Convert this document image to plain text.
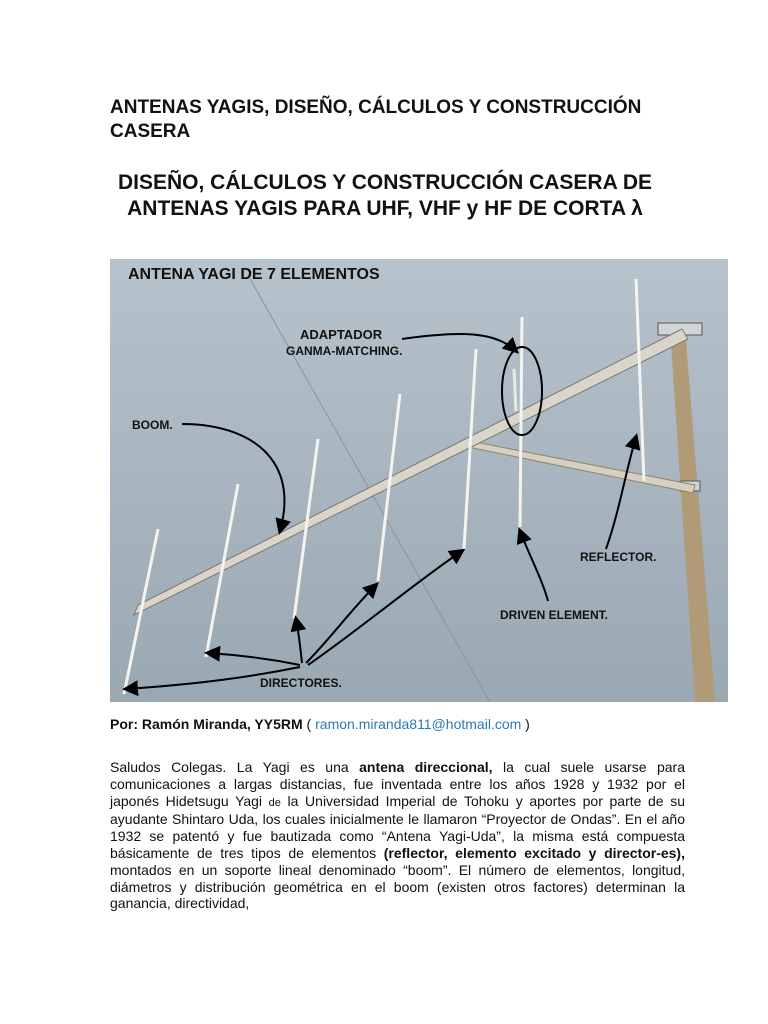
ANTENAS YAGIS, DISEÑO, CÁLCULOS Y CONSTRUCCIÓN CASERA
DISEÑO, CÁLCULOS Y CONSTRUCCIÓN CASERA DE ANTENAS YAGIS PARA UHF, VHF y HF DE CORTA λ
ANTENA YAGI DE 7 ELEMENTOS
ADAPTADOR
GANMA-MATCHING.
BOOM.
REFLECTOR.
DRIVEN ELEMENT.
DIRECTORES.
Por: Ramón Miranda, YY5RM ( ramon.miranda811@hotmail.com )

Saludos Colegas. La Yagi es una antena direccional, la cual suele usarse para comunicaciones a largas distancias, fue inventada entre los años 1928 y 1932 por el japonés Hidetsugu Yagi de la Universidad Imperial de Tohoku y aportes por parte de su ayudante Shintaro Uda, los cuales inicialmente le llamaron “Proyector de Ondas”. En el año 1932 se patentó y fue bautizada como “Antena Yagi-Uda”, la misma está compuesta básicamente de tres tipos de elementos (reflector, elemento excitado y director-es), montados en un soporte lineal denominado “boom”. El número de elementos, longitud, diámetros y distribución geométrica en el boom (existen otros factores) determinan la ganancia, directividad,
